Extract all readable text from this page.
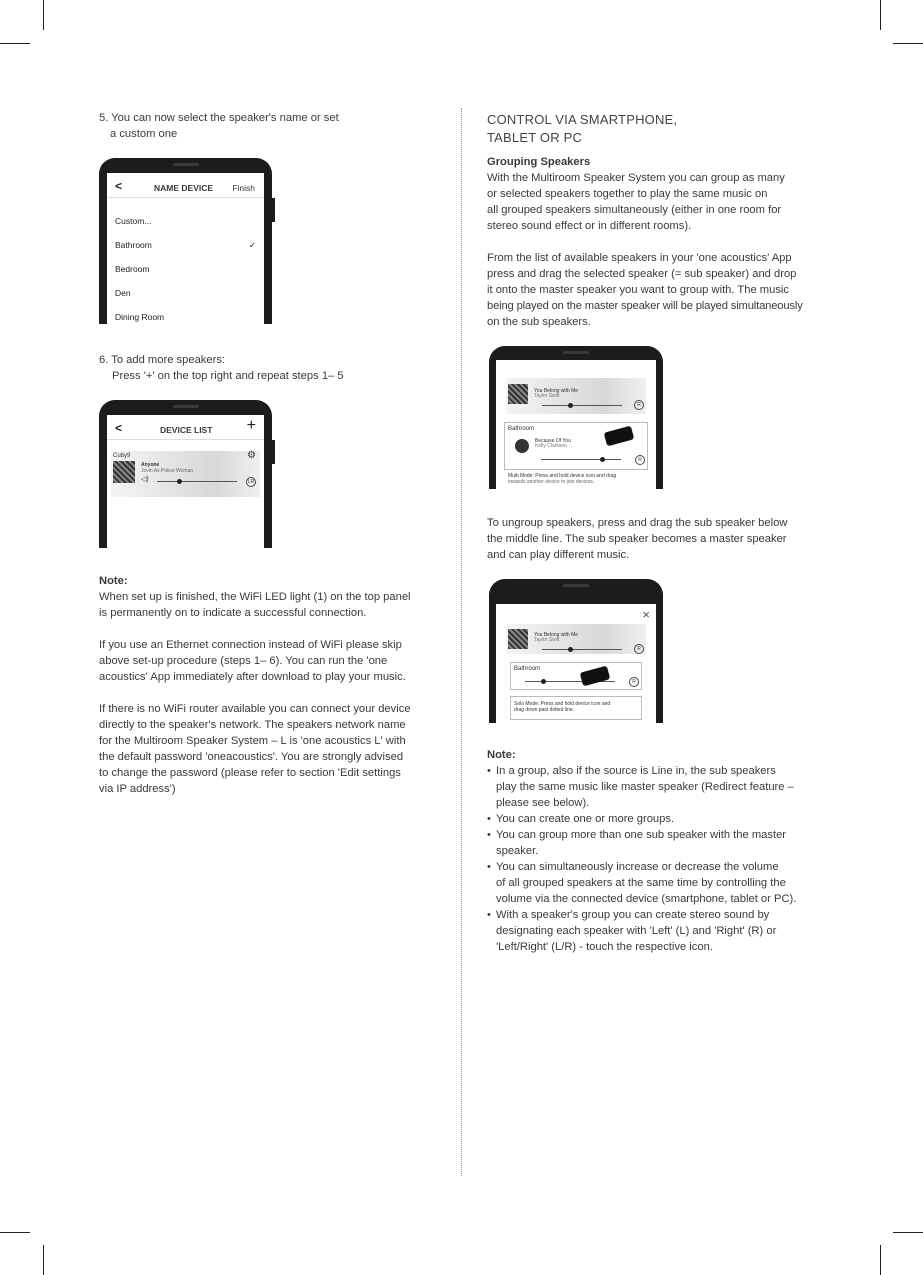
5. You can now select the speaker's name or set

a custom one

<	NAME DEVICE Finish
Custom...
Bathroom	✓
Bedroom
Den
Dining Room

6. To add more speakers:

Press '+' on the top right and repeat steps 1– 5

<	DEVICE LIST +
Cuby9
Anyone
Jovin As Police Woman
◁)
⚙
LR

Note:

When set up is finished, the WiFi LED light (1) on the top panel

is permanently on to indicate a successful connection.

If you use an Ethernet connection instead of WiFi please skip

above set-up procedure (steps 1– 6). You can run the 'one

acoustics' App immediately after download to play your music.

If there is no WiFi router available you can connect your device

directly to the speaker's network. The speakers network name

for the Multiroom Speaker System – L is 'one acoustics L' with

the default password 'oneacoustics'. You are strongly advised

to change the password (please refer to section 'Edit settings

via IP address')

CONTROL VIA SMARTPHONE,

TABLET OR PC

Grouping Speakers

With the Multiroom Speaker System you can group as many

or selected speakers together to play the same music on

all grouped speakers simultaneously (either in one room for

stereo sound effect or in different rooms).

From the list of available speakers in your 'one acoustics' App

press and drag the selected speaker (= sub speaker) and drop

it onto the master speaker you want to group with. The music

being played on the master speaker will be played simultaneously

on the sub speakers.

You Belong with Me
Taylor Swift
R
Bathroom
Because Of You
Kelly Clarkson
R
Multi Mode: Press and hold device icon and drag
towards another device to join devices.

To ungroup speakers, press and drag the sub speaker below

the middle line. The sub speaker becomes a master speaker

and can play different music.

×
You Belong with Me
Taylor Swift
R
Bathroom
R
Solo Mode: Press and hold device icon and
drag down past dotted line.

Note:

• In a group, also if the source is Line in, the sub speakers

play the same music like master speaker (Redirect feature –

please see below).

• You can create one or more groups.

• You can group more than one sub speaker with the master

speaker.

• You can simultaneously increase or decrease the volume

of all grouped speakers at the same time by controlling the

volume via the connected device (smartphone, tablet or PC).

• With a speaker's group you can create stereo sound by

designating each speaker with 'Left' (L) and 'Right' (R) or

'Left/Right' (L/R) - touch the respective icon.
